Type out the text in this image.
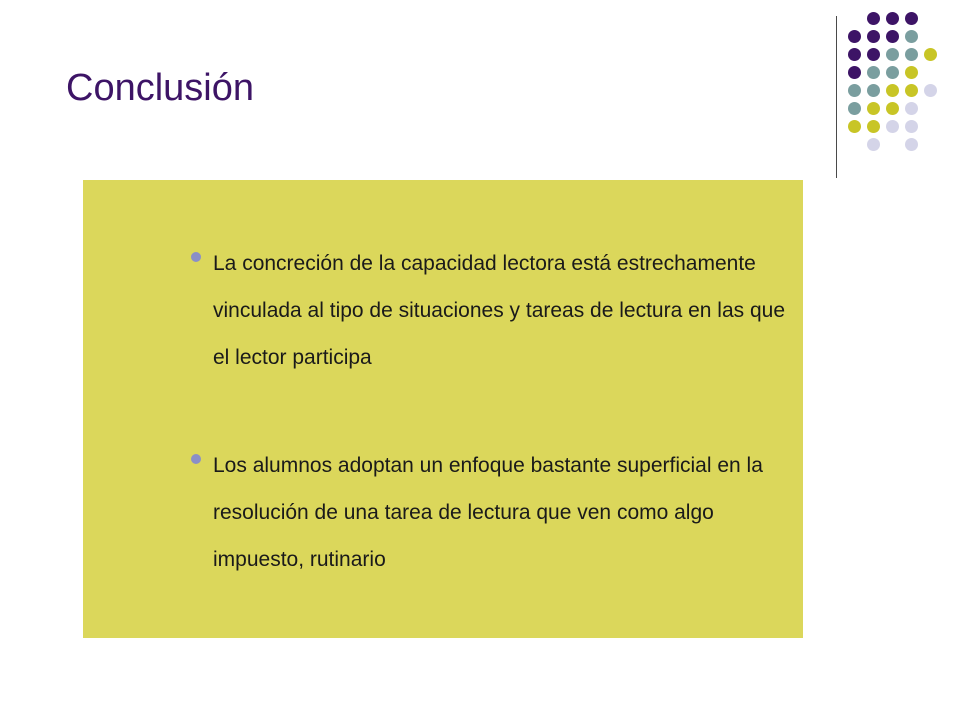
Conclusión

La concreción de la capacidad lectora está estrechamente vinculada al tipo de situaciones y tareas de lectura en las que el lector participa

Los alumnos adoptan un enfoque bastante superficial en la resolución de una tarea de lectura que ven como algo impuesto, rutinario
